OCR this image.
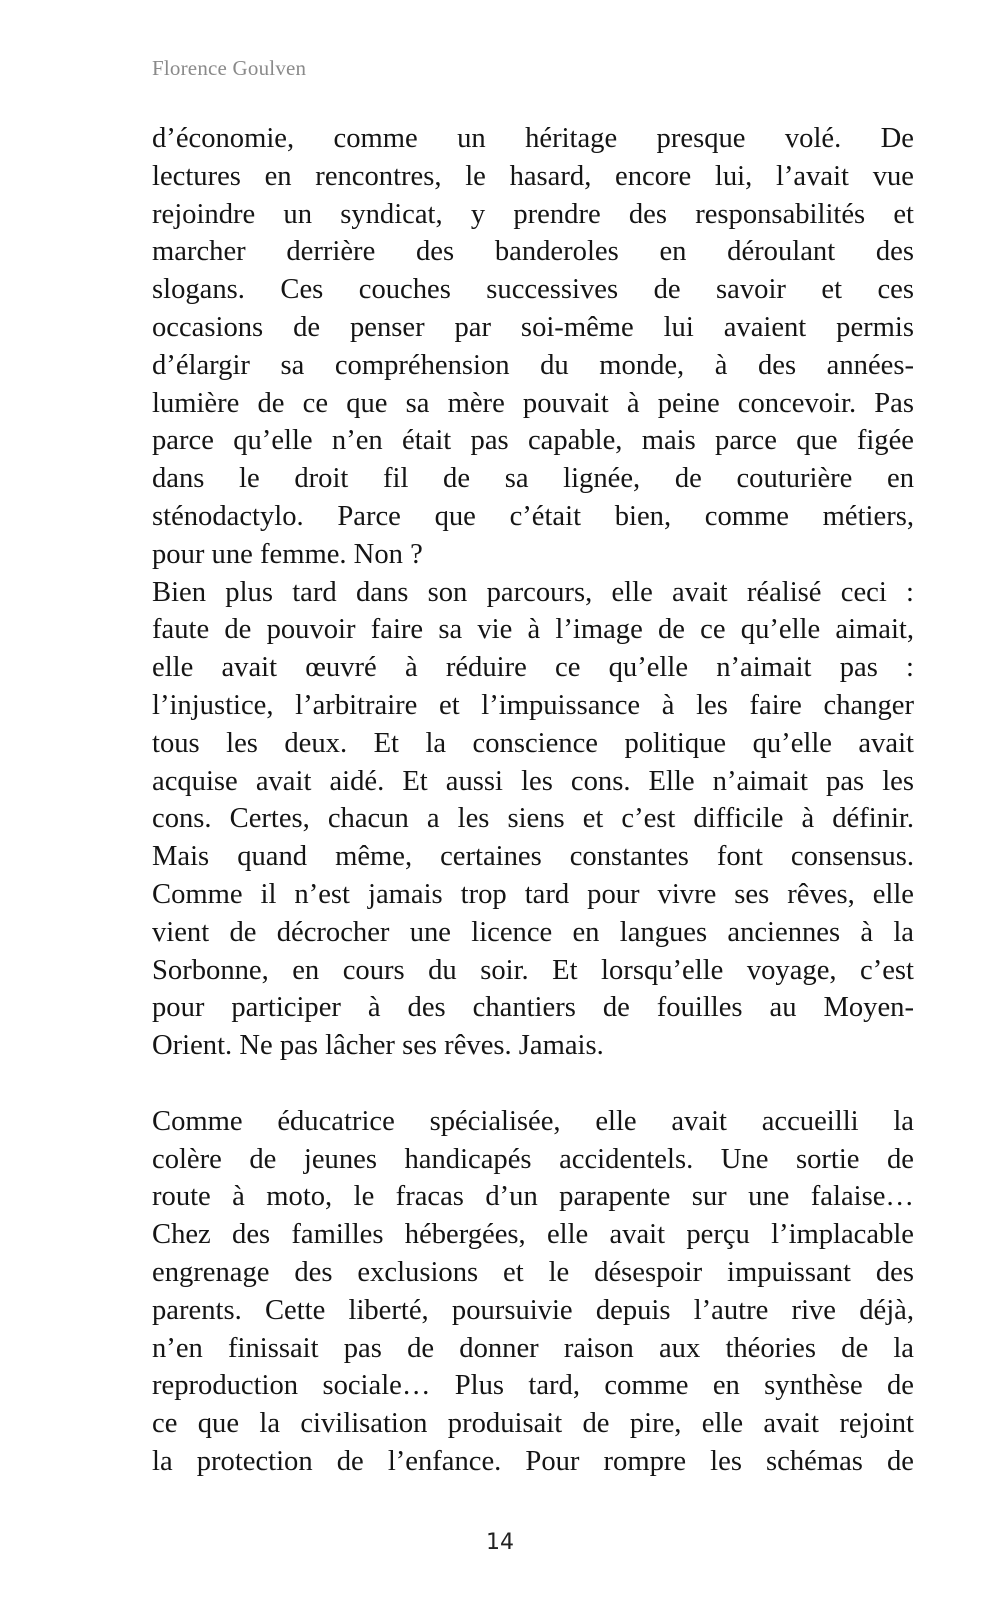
Florence Goulven
d’économie, comme un héritage presque volé. De
lectures en rencontres, le hasard, encore lui, l’avait vue
rejoindre un syndicat, y prendre des responsabilités et
marcher derrière des banderoles en déroulant des
slogans. Ces couches successives de savoir et ces
occasions de penser par soi-même lui avaient permis
d’élargir sa compréhension du monde, à des années-
lumière de ce que sa mère pouvait à peine concevoir. Pas
parce qu’elle n’en était pas capable, mais parce que figée
dans le droit fil de sa lignée, de couturière en
sténodactylo. Parce que c’était bien, comme métiers,
pour une femme. Non ?
Bien plus tard dans son parcours, elle avait réalisé ceci :
faute de pouvoir faire sa vie à l’image de ce qu’elle aimait,
elle avait œuvré à réduire ce qu’elle n’aimait pas :
l’injustice, l’arbitraire et l’impuissance à les faire changer
tous les deux. Et la conscience politique qu’elle avait
acquise avait aidé. Et aussi les cons. Elle n’aimait pas les
cons. Certes, chacun a les siens et c’est difficile à définir.
Mais quand même, certaines constantes font consensus.
Comme il n’est jamais trop tard pour vivre ses rêves, elle
vient de décrocher une licence en langues anciennes à la
Sorbonne, en cours du soir. Et lorsqu’elle voyage, c’est
pour participer à des chantiers de fouilles au Moyen-
Orient. Ne pas lâcher ses rêves. Jamais.
Comme éducatrice spécialisée, elle avait accueilli la
colère de jeunes handicapés accidentels. Une sortie de
route à moto, le fracas d’un parapente sur une falaise…
Chez des familles hébergées, elle avait perçu l’implacable
engrenage des exclusions et le désespoir impuissant des
parents. Cette liberté, poursuivie depuis l’autre rive déjà,
n’en finissait pas de donner raison aux théories de la
reproduction sociale… Plus tard, comme en synthèse de
ce que la civilisation produisait de pire, elle avait rejoint
la protection de l’enfance. Pour rompre les schémas de
14
